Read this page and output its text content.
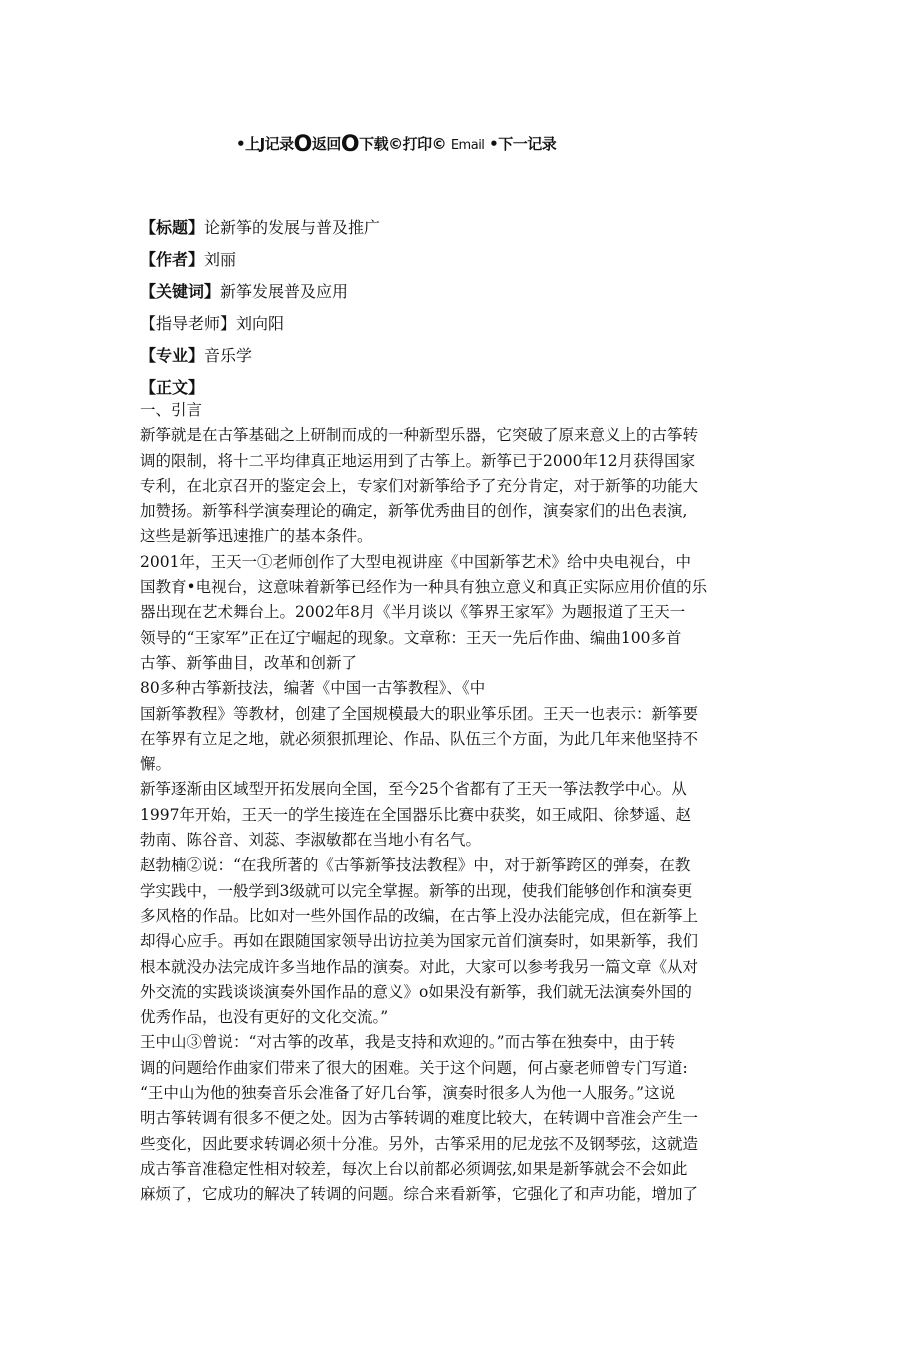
•上J记录O返回O下载©打印© Email •下一记录
【标题】论新筝的发展与普及推广
【作者】刘丽
【关键词】新筝发展普及应用
【指导老师】刘向阳
【专业】音乐学
【正文】

一、引言

新筝就是在古筝基础之上研制而成的一种新型乐器，它突破了原来意义上的古筝转

调的限制，将十二平均律真正地运用到了古筝上。新筝已于2000年12月获得国家

专利，在北京召开的鉴定会上，专家们对新筝给予了充分肯定，对于新筝的功能大

加赞扬。新筝科学演奏理论的确定，新筝优秀曲目的创作，演奏家们的出色表演,

这些是新筝迅速推广的基本条件。

2001年，王天一①老师创作了大型电视讲座《中国新筝艺术》给中央电视台，中

国教育•电视台，这意味着新筝已经作为一种具有独立意义和真正实际应用价值的乐

器出现在艺术舞台上。2002年8月《半月谈以《筝界王家军》为题报道了王天一

领导的“王家军”正在辽宁崛起的现象。文章称：王天一先后作曲、编曲100多首

古筝、新筝曲目，改革和创新了

80多种古筝新技法，编著《中国一古筝教程》、《中

国新筝教程》等教材，创建了全国规模最大的职业筝乐团。王天一也表示：新筝要

在筝界有立足之地，就必须狠抓理论、作品、队伍三个方面，为此几年来他坚持不

懈。

新筝逐渐由区域型开拓发展向全国，至今25个省都有了王天一筝法教学中心。从

1997年开始，王天一的学生接连在全国器乐比赛中获奖，如王咸阳、徐梦遥、赵

勃南、陈谷音、刘蕊、李淑敏都在当地小有名气。

赵勃楠②说：“在我所著的《古筝新筝技法教程》中，对于新筝跨区的弹奏，在教

学实践中，一般学到3级就可以完全掌握。新筝的出现，使我们能够创作和演奏更

多风格的作品。比如对一些外国作品的改编，在古筝上没办法能完成，但在新筝上

却得心应手。再如在跟随国家领导出访拉美为国家元首们演奏时，如果新筝，我们

根本就没办法完成许多当地作品的演奏。对此，大家可以参考我另一篇文章《从对

外交流的实践谈谈演奏外国作品的意义》o如果没有新筝，我们就无法演奏外国的

优秀作品，也没有更好的文化交流。”

王中山③曾说：“对古筝的改革，我是支持和欢迎的。”而古筝在独奏中，由于转

调的问题给作曲家们带来了很大的困难。关于这个问题，何占豪老师曾专门写道:

“王中山为他的独奏音乐会准备了好几台筝，演奏时很多人为他一人服务。”这说

明古筝转调有很多不便之处。因为古筝转调的难度比较大，在转调中音准会产生一

些变化，因此要求转调必须十分准。另外，古筝采用的尼龙弦不及钢琴弦，这就造

成古筝音准稳定性相对较差，每次上台以前都必须调弦,如果是新筝就会不会如此

麻烦了，它成功的解决了转调的问题。综合来看新筝，它强化了和声功能，增加了
